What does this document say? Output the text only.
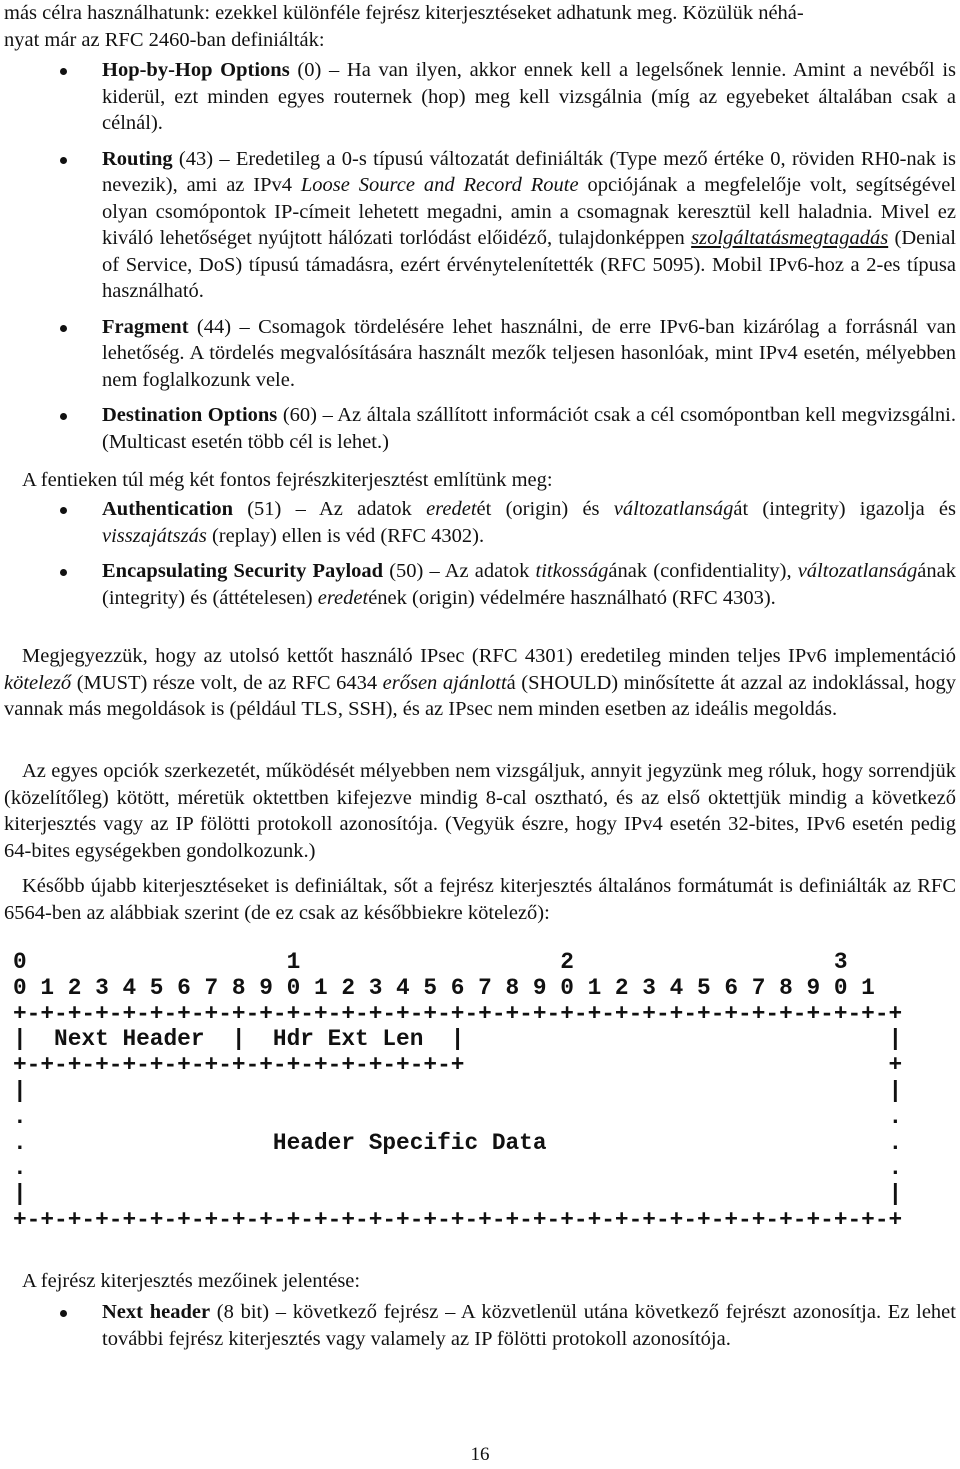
más célra használhatunk: ezekkel különféle fejrész kiterjesztéseket adhatunk meg. Közülük néhá-

nyat már az RFC 2460-ban definiálták:

Hop-by-Hop Options (0) – Ha van ilyen, akkor ennek kell a legelsőnek lennie. Amint a nevéből is kiderül, ezt minden egyes routernek (hop) meg kell vizsgálnia (míg az egyebeket általában csak a célnál).
Routing (43) – Eredetileg a 0-s típusú változatát definiálták (Type mező értéke 0, röviden RH0-nak is nevezik), ami az IPv4 Loose Source and Record Route opciójának a megfelelője volt, segítségével olyan csomópontok IP-címeit lehetett megadni, amin a csomagnak keresztül kell haladnia. Mivel ez kiváló lehetőséget nyújtott hálózati torlódást előidéző, tulajdonképpen szolgáltatásmegtagadás (Denial of Service, DoS) típusú támadásra, ezért érvénytelenítették (RFC 5095). Mobil IPv6-hoz a 2-es típusa használható.
Fragment (44) – Csomagok tördelésére lehet használni, de erre IPv6-ban kizárólag a forrásnál van lehetőség. A tördelés megvalósítására használt mezők teljesen hasonlóak, mint IPv4 esetén, mélyebben nem foglalkozunk vele.
Destination Options (60) – Az általa szállított információt csak a cél csomópontban kell megvizsgálni. (Multicast esetén több cél is lehet.)

A fentieken túl még két fontos fejrészkiterjesztést említünk meg:

Authentication (51) – Az adatok eredetét (origin) és változatlanságát (integrity) igazolja és visszajátszás (replay) ellen is véd (RFC 4302).
Encapsulating Security Payload (50) – Az adatok titkosságának (confidentiality), változatlanságának (integrity) és (áttételesen) eredetének (origin) védelmére használható (RFC 4303).

Megjegyezzük, hogy az utolsó kettőt használó IPsec (RFC 4301) eredetileg minden teljes IPv6 implementáció kötelező (MUST) része volt, de az RFC 6434 erősen ajánlottá (SHOULD) minősítette át azzal az indoklással, hogy vannak más megoldások is (például TLS, SSH), és az IPsec nem minden esetben az ideális megoldás.

Az egyes opciók szerkezetét, működését mélyebben nem vizsgáljuk, annyit jegyzünk meg róluk, hogy sorrendjük (közelítőleg) kötött, méretük oktettben kifejezve mindig 8-cal osztható, és az első oktettjük mindig a következő kiterjesztés vagy az IP fölötti protokoll azonosítója. (Vegyük észre, hogy IPv4 esetén 32-bites, IPv6 esetén pedig 64-bites egységekben gondolkozunk.)

Később újabb kiterjesztéseket is definiáltak, sőt a fejrész kiterjesztés általános formátumát is definiálták az RFC 6564-ben az alábbiak szerint (de ez csak az későbbiekre kötelező):

0                   1                   2                   3
0 1 2 3 4 5 6 7 8 9 0 1 2 3 4 5 6 7 8 9 0 1 2 3 4 5 6 7 8 9 0 1
+-+-+-+-+-+-+-+-+-+-+-+-+-+-+-+-+-+-+-+-+-+-+-+-+-+-+-+-+-+-+-+-+
|  Next Header  |  Hdr Ext Len  |                               |
+-+-+-+-+-+-+-+-+-+-+-+-+-+-+-+-+                               +
|                                                               |
.                                                               .
.                  Header Specific Data                         .
.                                                               .
|                                                               |
+-+-+-+-+-+-+-+-+-+-+-+-+-+-+-+-+-+-+-+-+-+-+-+-+-+-+-+-+-+-+-+-+

A fejrész kiterjesztés mezőinek jelentése:

Next header (8 bit) – következő fejrész – A közvetlenül utána következő fejrészt azonosítja. Ez lehet további fejrész kiterjesztés vagy valamely az IP fölötti protokoll azonosítója.
16
